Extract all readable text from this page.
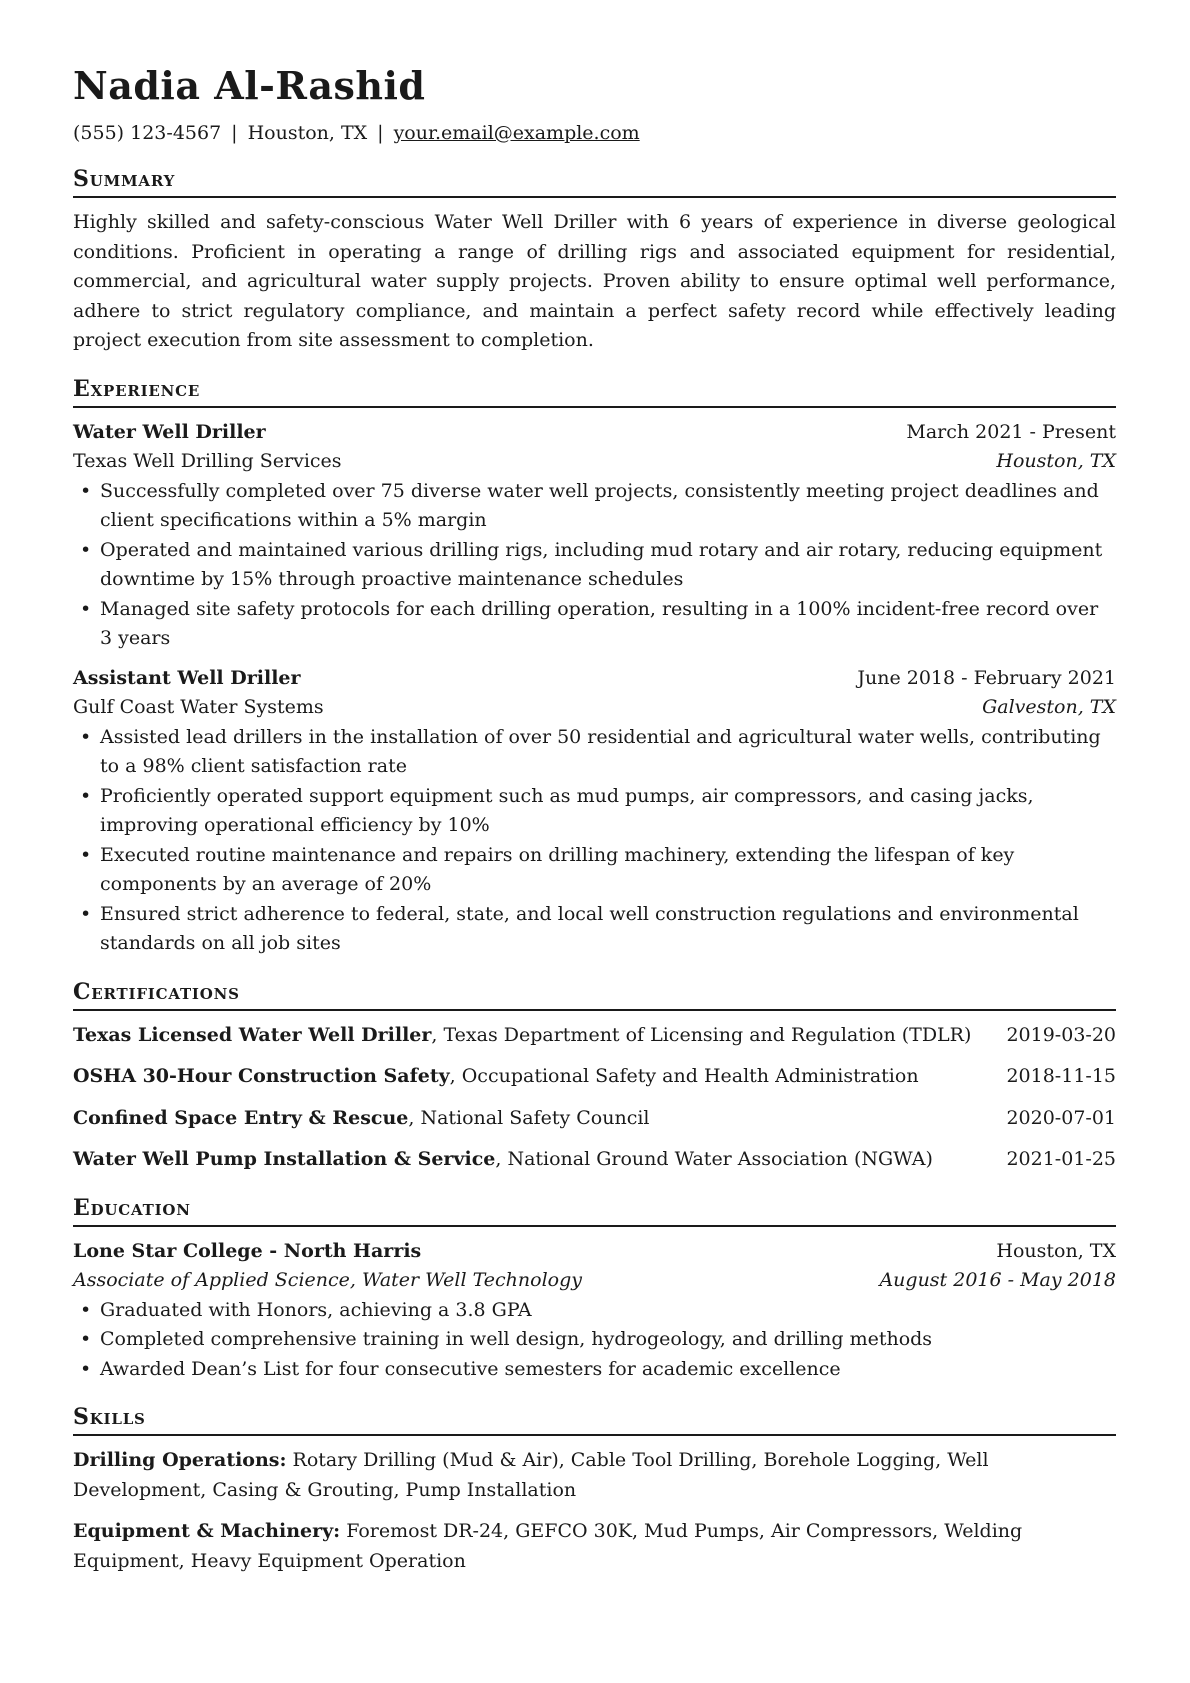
Nadia Al-Rashid
(555) 123-4567 | Houston, TX | your.email@example.com
Summary

Highly skilled and safety-conscious Water Well Driller with 6 years of experience in diverse geological conditions. Proficient in operating a range of drilling rigs and associated equipment for residential, commercial, and agricultural water supply projects. Proven ability to ensure optimal well performance, adhere to strict regulatory compliance, and maintain a perfect safety record while effectively leading project execution from site assessment to completion.

Experience
Water Well Driller	March 2021 - Present
Texas Well Drilling Services	Houston, TX
• Successfully completed over 75 diverse water well projects, consistently meeting project deadlines and client specifications within a 5% margin
• Operated and maintained various drilling rigs, including mud rotary and air rotary, reducing equipment downtime by 15% through proactive maintenance schedules
• Managed site safety protocols for each drilling operation, resulting in a 100% incident-free record over 3 years
Assistant Well Driller	June 2018 - February 2021
Gulf Coast Water Systems	Galveston, TX
• Assisted lead drillers in the installation of over 50 residential and agricultural water wells, contributing to a 98% client satisfaction rate
• Proficiently operated support equipment such as mud pumps, air compressors, and casing jacks, improving operational efficiency by 10%
• Executed routine maintenance and repairs on drilling machinery, extending the lifespan of key components by an average of 20%
• Ensured strict adherence to federal, state, and local well construction regulations and environmental standards on all job sites
Certifications
Texas Licensed Water Well Driller, Texas Department of Licensing and Regulation (TDLR) 2019-03-20
OSHA 30-Hour Construction Safety, Occupational Safety and Health Administration	2018-11-15
Confined Space Entry & Rescue, National Safety Council	2020-07-01
Water Well Pump Installation & Service, National Ground Water Association (NGWA)	2021-01-25
Education
Lone Star College - North Harris	Houston, TX
Associate of Applied Science, Water Well Technology	August 2016 - May 2018
• Graduated with Honors, achieving a 3.8 GPA
• Completed comprehensive training in well design, hydrogeology, and drilling methods
• Awarded Dean’s List for four consecutive semesters for academic excellence
Skills
Drilling Operations: Rotary Drilling (Mud & Air), Cable Tool Drilling, Borehole Logging, Well Development, Casing & Grouting, Pump Installation
Equipment & Machinery: Foremost DR-24, GEFCO 30K, Mud Pumps, Air Compressors, Welding Equipment, Heavy Equipment Operation
